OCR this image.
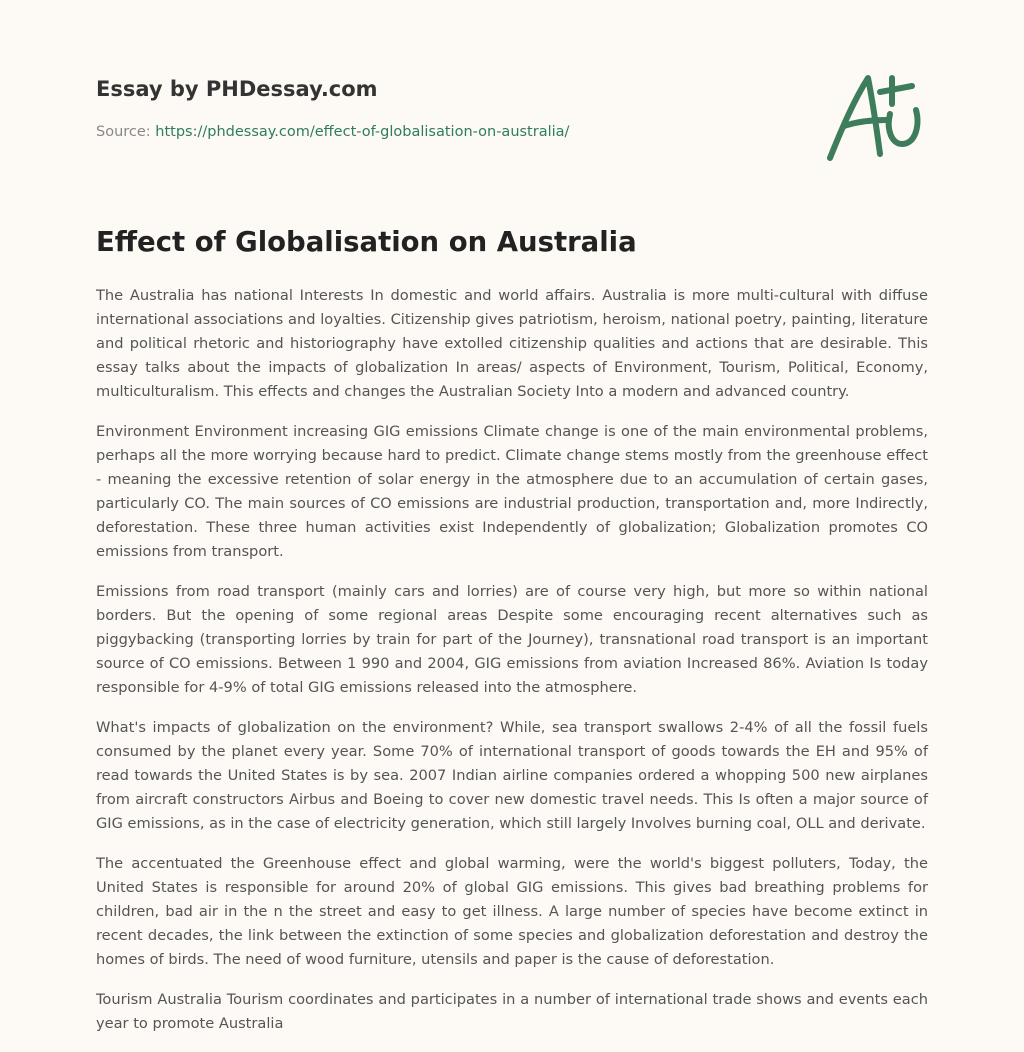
Essay by PHDessay.com
Source: https://phdessay.com/effect-of-globalisation-on-australia/
Effect of Globalisation on Australia

The Australia has national Interests In domestic and world affairs. Australia is more multi-cultural with diffuse international associations and loyalties. Citizenship gives patriotism, heroism, national poetry, painting, literature and political rhetoric and historiography have extolled citizenship qualities and actions that are desirable. This essay talks about the impacts of globalization In areas/ aspects of Environment, Tourism, Political, Economy, multiculturalism. This effects and changes the Australian Society Into a modern and advanced country.

Environment Environment increasing GIG emissions Climate change is one of the main environmental problems, perhaps all the more worrying because hard to predict. Climate change stems mostly from the greenhouse effect - meaning the excessive retention of solar energy in the atmosphere due to an accumulation of certain gases, particularly CO. The main sources of CO emissions are industrial production, transportation and, more Indirectly, deforestation. These three human activities exist Independently of globalization; Globalization promotes CO emissions from transport.

Emissions from road transport (mainly cars and lorries) are of course very high, but more so within national borders. But the opening of some regional areas Despite some encouraging recent alternatives such as piggybacking (transporting lorries by train for part of the Journey), transnational road transport is an important source of CO emissions. Between 1 990 and 2004, GIG emissions from aviation Increased 86%. Aviation Is today responsible for 4-9% of total GIG emissions released into the atmosphere.

What's impacts of globalization on the environment? While, sea transport swallows 2-4% of all the fossil fuels consumed by the planet every year. Some 70% of international transport of goods towards the EH and 95% of read towards the United States is by sea. 2007 Indian airline companies ordered a whopping 500 new airplanes from aircraft constructors Airbus and Boeing to cover new domestic travel needs. This Is often a major source of GIG emissions, as in the case of electricity generation, which still largely Involves burning coal, OLL and derivate.

The accentuated the Greenhouse effect and global warming, were the world's biggest polluters, Today, the United States is responsible for around 20% of global GIG emissions. This gives bad breathing problems for children, bad air in the n the street and easy to get illness. A large number of species have become extinct in recent decades, the link between the extinction of some species and globalization deforestation and destroy the homes of birds. The need of wood furniture, utensils and paper is the cause of deforestation.

Tourism Australia Tourism coordinates and participates in a number of international trade shows and events each year to promote Australia
